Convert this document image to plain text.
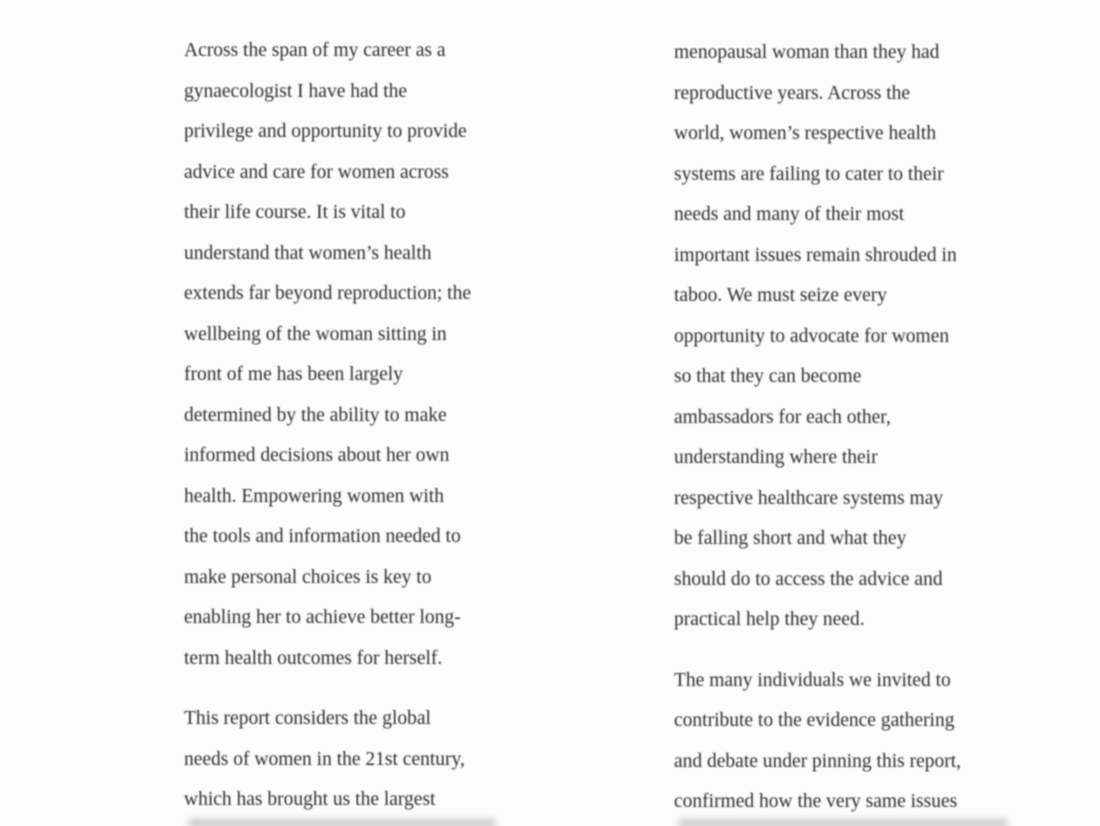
Across the span of my career as a
gynaecologist I have had the
privilege and opportunity to provide
advice and care for women across
their life course. It is vital to
understand that women’s health
extends far beyond reproduction; the
wellbeing of the woman sitting in
front of me has been largely
determined by the ability to make
informed decisions about her own
health. Empowering women with
the tools and information needed to
make personal choices is key to
enabling her to achieve better long-
term health outcomes for herself.
This report considers the global
needs of women in the 21st century,
which has brought us the largest
menopausal woman than they had
reproductive years. Across the
world, women’s respective health
systems are failing to cater to their
needs and many of their most
important issues remain shrouded in
taboo. We must seize every
opportunity to advocate for women
so that they can become
ambassadors for each other,
understanding where their
respective healthcare systems may
be falling short and what they
should do to access the advice and
practical help they need.
The many individuals we invited to
contribute to the evidence gathering
and debate under pinning this report,
confirmed how the very same issues
